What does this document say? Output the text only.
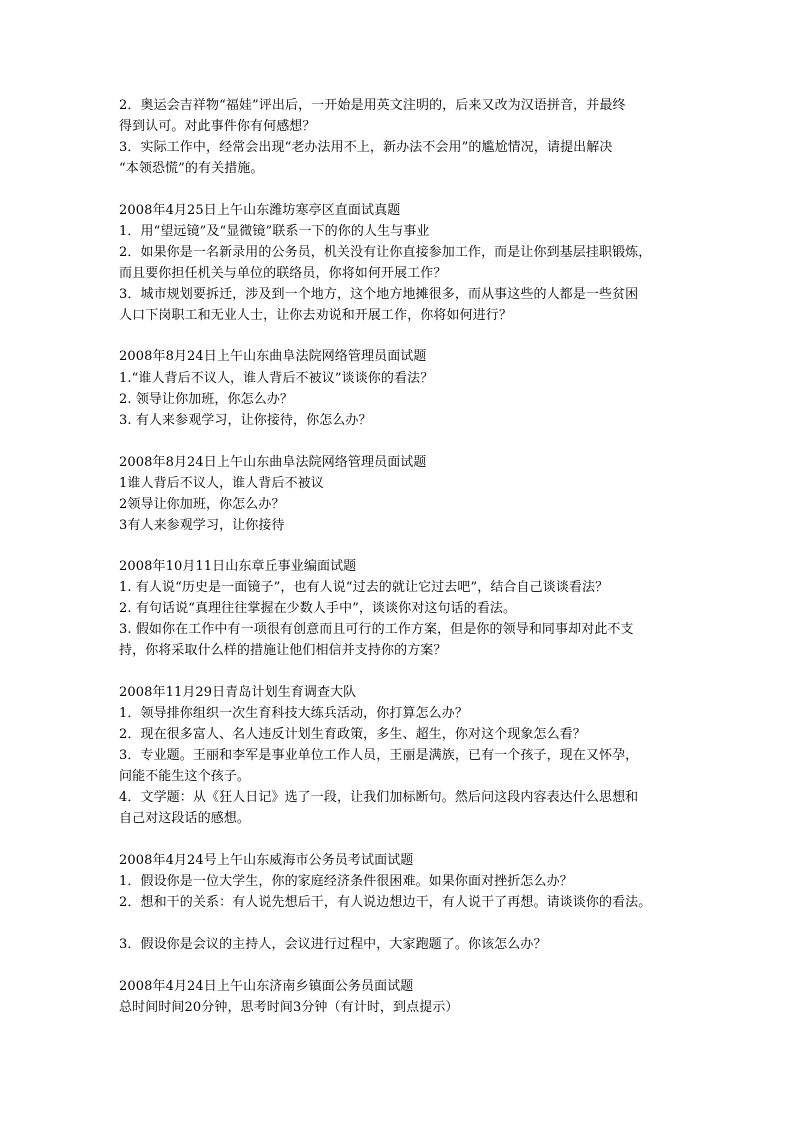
2．奥运会吉祥物“福娃”评出后，一开始是用英文注明的，后来又改为汉语拼音，并最终
得到认可。对此事件你有何感想？
3．实际工作中，经常会出现“老办法用不上，新办法不会用”的尴尬情况，请提出解决
“本领恐慌”的有关措施。
2008年4月25日上午山东潍坊寒亭区直面试真题
1．用“望远镜”及“显微镜”联系一下的你的人生与事业
2．如果你是一名新录用的公务员，机关没有让你直接参加工作，而是让你到基层挂职锻炼，
而且要你担任机关与单位的联络员，你将如何开展工作？
3．城市规划要拆迁，涉及到一个地方，这个地方地摊很多，而从事这些的人都是一些贫困
人口下岗职工和无业人士，让你去劝说和开展工作，你将如何进行？
2008年8月24日上午山东曲阜法院网络管理员面试题
1.“谁人背后不议人，谁人背后不被议”谈谈你的看法？
2. 领导让你加班，你怎么办？
3. 有人来参观学习，让你接待，你怎么办？
2008年8月24日上午山东曲阜法院网络管理员面试题
1谁人背后不议人，谁人背后不被议
2领导让你加班，你怎么办？
3有人来参观学习，让你接待
2008年10月11日山东章丘事业编面试题
1. 有人说“历史是一面镜子”，也有人说“过去的就让它过去吧”，结合自己谈谈看法？
2. 有句话说“真理往往掌握在少数人手中”，谈谈你对这句话的看法。
3. 假如你在工作中有一项很有创意而且可行的工作方案，但是你的领导和同事却对此不支
持，你将采取什么样的措施让他们相信并支持你的方案？
2008年11月29日青岛计划生育调查大队
1．领导排你组织一次生育科技大练兵活动，你打算怎么办？
2．现在很多富人、名人违反计划生育政策，多生、超生，你对这个现象怎么看？
3．专业题。王丽和李军是事业单位工作人员，王丽是满族，已有一个孩子，现在又怀孕，
问能不能生这个孩子。
4．文学题：从《狂人日记》选了一段，让我们加标断句。然后问这段内容表达什么思想和
自己对这段话的感想。
2008年4月24号上午山东威海市公务员考试面试题
1．假设你是一位大学生，你的家庭经济条件很困难。如果你面对挫折怎么办？
2．想和干的关系：有人说先想后干，有人说边想边干，有人说干了再想。请谈谈你的看法。
3．假设你是会议的主持人，会议进行过程中，大家跑题了。你该怎么办？
2008年4月24日上午山东济南乡镇面公务员面试题
总时间时间20分钟，思考时间3分钟（有计时，到点提示）
